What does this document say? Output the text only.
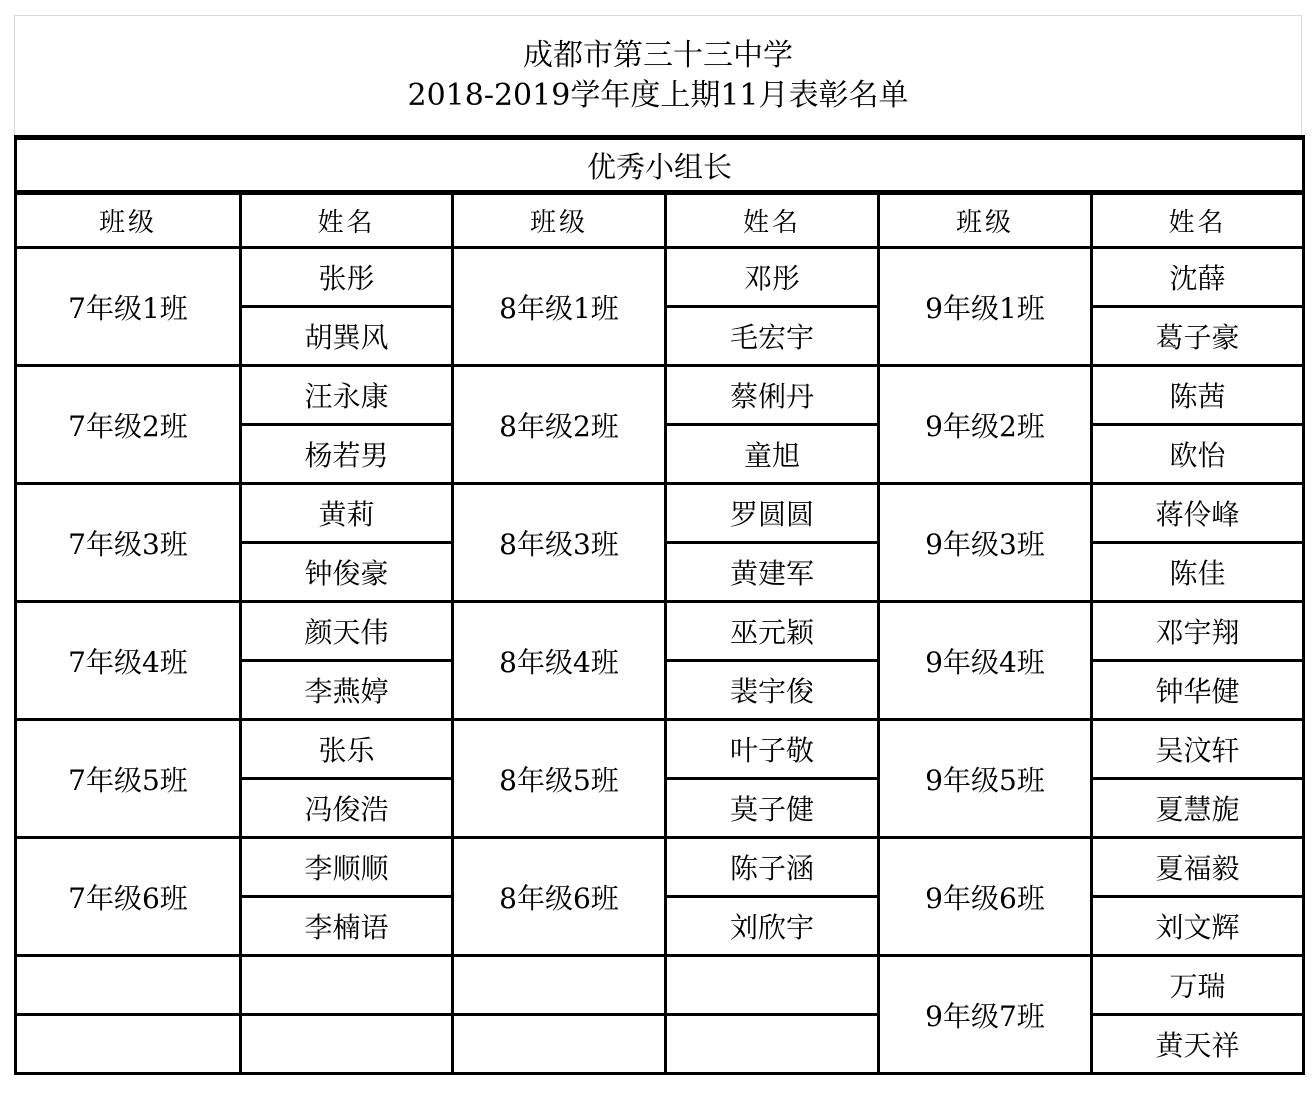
成都市第三十三中学
2018-2019学年度上期11月表彰名单
优秀小组长					
班级	姓名	班级	姓名	班级	姓名
7年级1班	张彤	8年级1班	邓彤	9年级1班	沈薛
	胡巽风		毛宏宇		葛子豪
7年级2班	汪永康	8年级2班	蔡俐丹	9年级2班	陈茜
	杨若男		童旭		欧怡
7年级3班	黄莉	8年级3班	罗圆圆	9年级3班	蒋伶峰
	钟俊豪		黄建军		陈佳
7年级4班	颜天伟	8年级4班	巫元颖	9年级4班	邓宇翔
	李燕婷		裴宇俊		钟华健
7年级5班	张乐	8年级5班	叶子敬	9年级5班	吴汶轩
	冯俊浩		莫子健		夏慧旎
7年级6班	李顺顺	8年级6班	陈子涵	9年级6班	夏福毅
	李楠语		刘欣宇		刘文辉
				9年级7班	万瑞
					黄天祥
